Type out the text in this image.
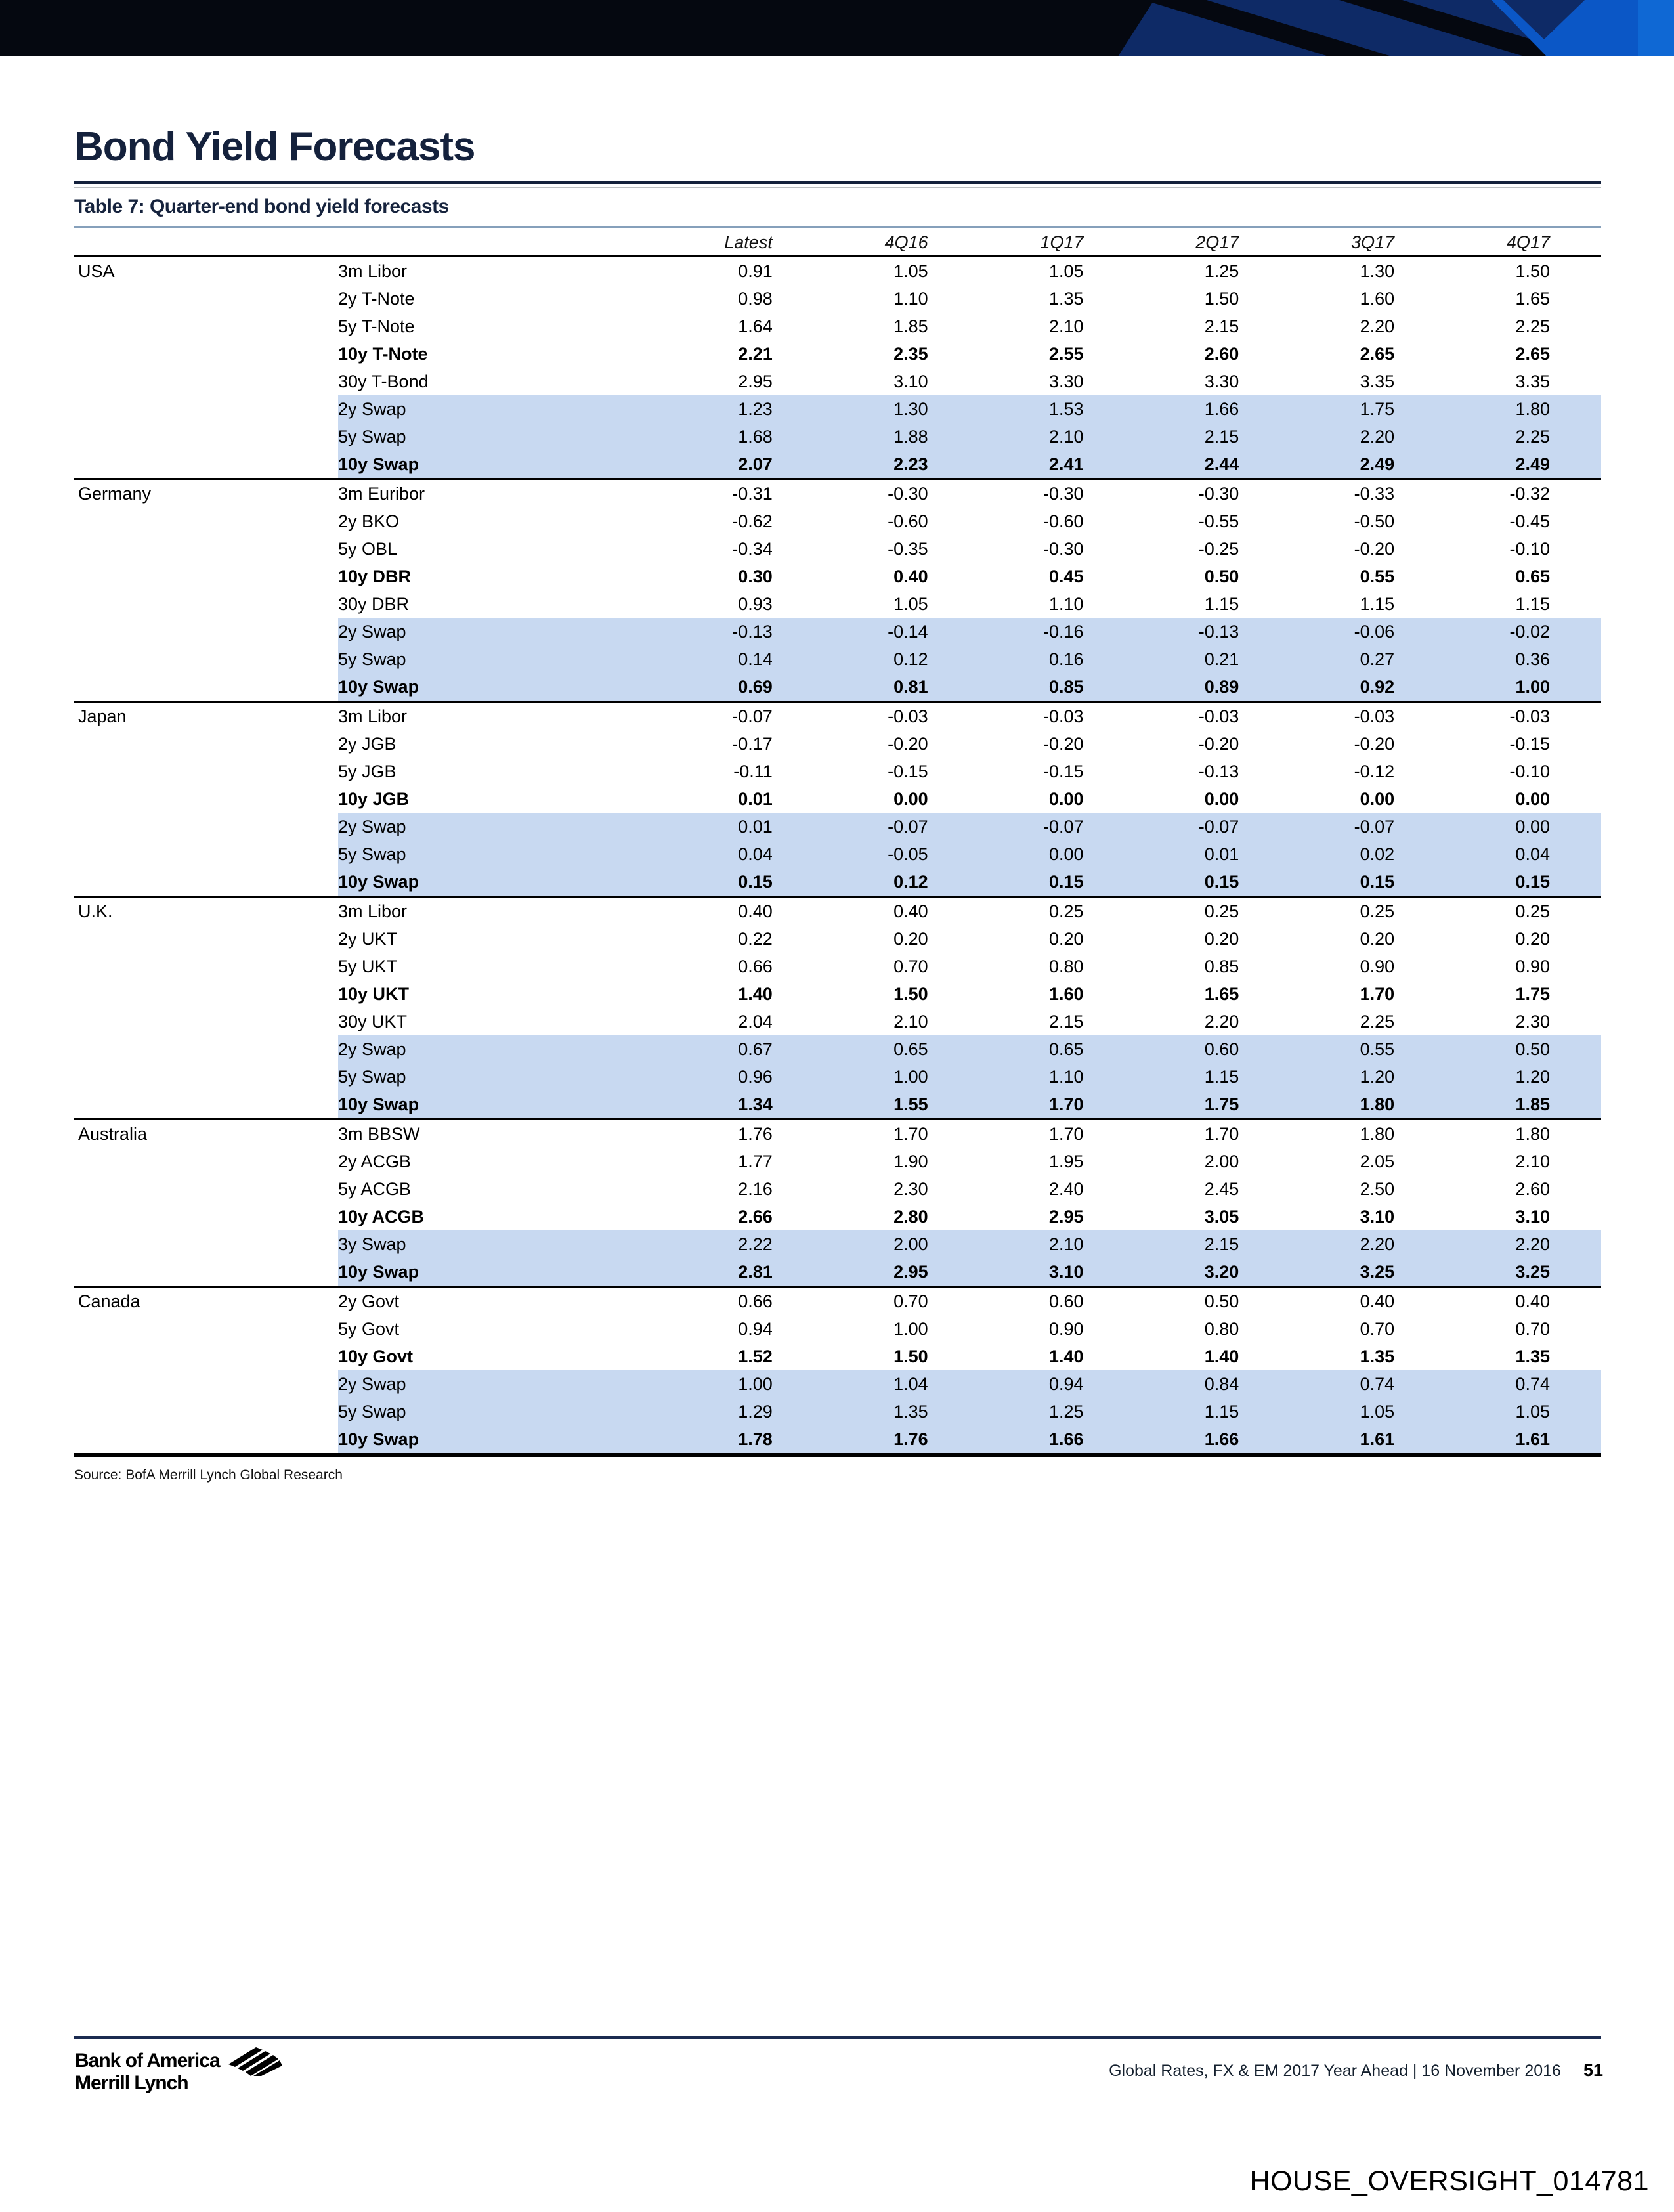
Bond Yield Forecasts
Table 7: Quarter-end bond yield forecasts
Latest	4Q16	1Q17	2Q17	3Q17	4Q17
USA	3m Libor	0.91	1.05	1.05	1.25	1.30	1.50
2y T-Note	0.98	1.10	1.35	1.50	1.60	1.65
5y T-Note	1.64	1.85	2.10	2.15	2.20	2.25
10y T-Note	2.21	2.35	2.55	2.60	2.65	2.65
30y T-Bond	2.95	3.10	3.30	3.30	3.35	3.35
2y Swap	1.23	1.30	1.53	1.66	1.75	1.80
5y Swap	1.68	1.88	2.10	2.15	2.20	2.25
10y Swap	2.07	2.23	2.41	2.44	2.49	2.49
Germany	3m Euribor	-0.31	-0.30	-0.30	-0.30	-0.33	-0.32
2y BKO	-0.62	-0.60	-0.60	-0.55	-0.50	-0.45
5y OBL	-0.34	-0.35	-0.30	-0.25	-0.20	-0.10
10y DBR	0.30	0.40	0.45	0.50	0.55	0.65
30y DBR	0.93	1.05	1.10	1.15	1.15	1.15
2y Swap	-0.13	-0.14	-0.16	-0.13	-0.06	-0.02
5y Swap	0.14	0.12	0.16	0.21	0.27	0.36
10y Swap	0.69	0.81	0.85	0.89	0.92	1.00
Japan	3m Libor	-0.07	-0.03	-0.03	-0.03	-0.03	-0.03
2y JGB	-0.17	-0.20	-0.20	-0.20	-0.20	-0.15
5y JGB	-0.11	-0.15	-0.15	-0.13	-0.12	-0.10
10y JGB	0.01	0.00	0.00	0.00	0.00	0.00
2y Swap	0.01	-0.07	-0.07	-0.07	-0.07	0.00
5y Swap	0.04	-0.05	0.00	0.01	0.02	0.04
10y Swap	0.15	0.12	0.15	0.15	0.15	0.15
U.K.	3m Libor	0.40	0.40	0.25	0.25	0.25	0.25
2y UKT	0.22	0.20	0.20	0.20	0.20	0.20
5y UKT	0.66	0.70	0.80	0.85	0.90	0.90
10y UKT	1.40	1.50	1.60	1.65	1.70	1.75
30y UKT	2.04	2.10	2.15	2.20	2.25	2.30
2y Swap	0.67	0.65	0.65	0.60	0.55	0.50
5y Swap	0.96	1.00	1.10	1.15	1.20	1.20
10y Swap	1.34	1.55	1.70	1.75	1.80	1.85
Australia	3m BBSW	1.76	1.70	1.70	1.70	1.80	1.80
2y ACGB	1.77	1.90	1.95	2.00	2.05	2.10
5y ACGB	2.16	2.30	2.40	2.45	2.50	2.60
10y ACGB	2.66	2.80	2.95	3.05	3.10	3.10
3y Swap	2.22	2.00	2.10	2.15	2.20	2.20
10y Swap	2.81	2.95	3.10	3.20	3.25	3.25
Canada	2y Govt	0.66	0.70	0.60	0.50	0.40	0.40
5y Govt	0.94	1.00	0.90	0.80	0.70	0.70
10y Govt	1.52	1.50	1.40	1.40	1.35	1.35
2y Swap	1.00	1.04	0.94	0.84	0.74	0.74
5y Swap	1.29	1.35	1.25	1.15	1.05	1.05
10y Swap	1.78	1.76	1.66	1.66	1.61	1.61
Source: BofA Merrill Lynch Global Research
Bank of America
Merrill Lynch
Global Rates, FX & EM 2017 Year Ahead | 16 November 2016 51
HOUSE_OVERSIGHT_014781
